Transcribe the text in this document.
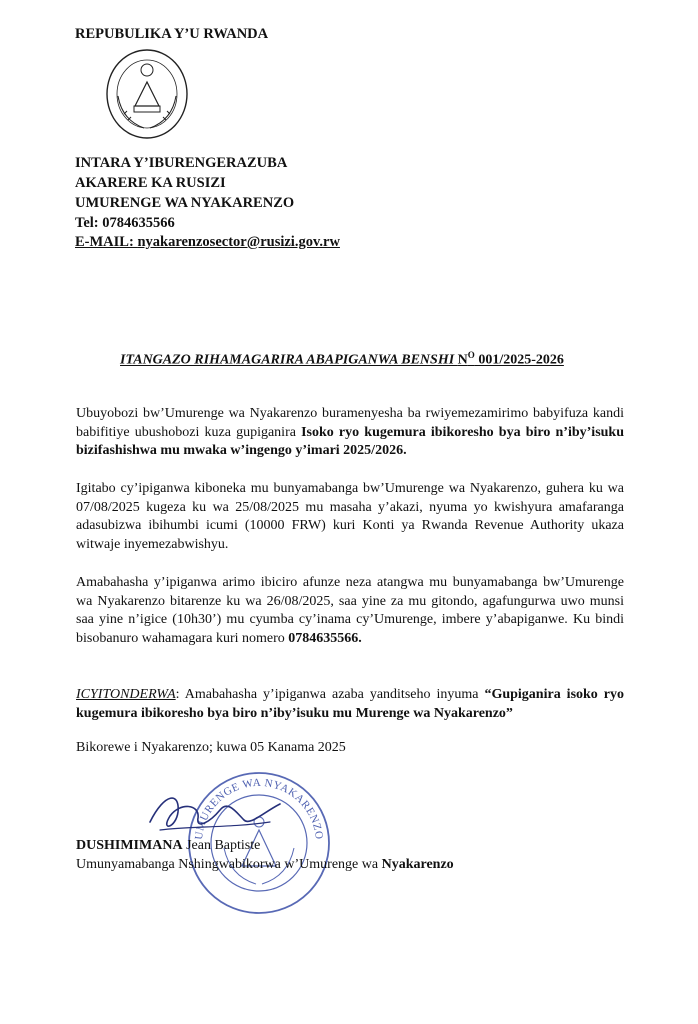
REPUBULIKA Y’U RWANDA
INTARA Y’IBURENGERAZUBA
AKARERE KA RUSIZI
UMURENGE WA NYAKARENZO
Tel: 0784635566
E-MAIL: nyakarenzosector@rusizi.gov.rw
ITANGAZO RIHAMAGARIRA ABAPIGANWA BENSHI $N^O$ 001/2025-2026

Ubuyobozi bw’Umurenge wa Nyakarenzo buramenyesha ba rwiyemezamirimo babyifuza kandi babifitiye ubushobozi kuza gupiganira Isoko ryo kugemura ibikoresho bya biro n’iby’isuku bizifashishwa mu mwaka w’ingengo y’imari 2025/2026.

Igitabo cy’ipiganwa kiboneka mu bunyamabanga bw’Umurenge wa Nyakarenzo, guhera ku wa 07/08/2025 kugeza ku wa 25/08/2025 mu masaha y’akazi, nyuma yo kwishyura amafaranga adasubizwa ibihumbi icumi (10000 FRW) kuri Konti ya Rwanda Revenue Authority ukaza witwaje inyemezabwishyu.

Amabahasha y’ipiganwa arimo ibiciro afunze neza atangwa mu bunyamabanga bw’Umurenge wa Nyakarenzo bitarenze ku wa 26/08/2025, saa yine za mu gitondo, agafungurwa uwo munsi saa yine n’igice (10h30’) mu cyumba cy’inama cy’Umurenge, imbere y’abapiganwe. Ku bindi bisobanuro wahamagara kuri nomero 0784635566.

ICYITONDERWA: Amabahasha y’ipiganwa azaba yanditseho inyuma “Gupiganira isoko ryo kugemura ibikoresho bya biro n’iby’isuku mu Murenge wa Nyakarenzo”

Bikorewe i Nyakarenzo; kuwa 05 Kanama 2025
UMURENGE WA NYAKARENZO
DUSHIMIMANA Jean Baptiste
Umunyamabanga Nshingwabikorwa w’Umurenge wa Nyakarenzo
